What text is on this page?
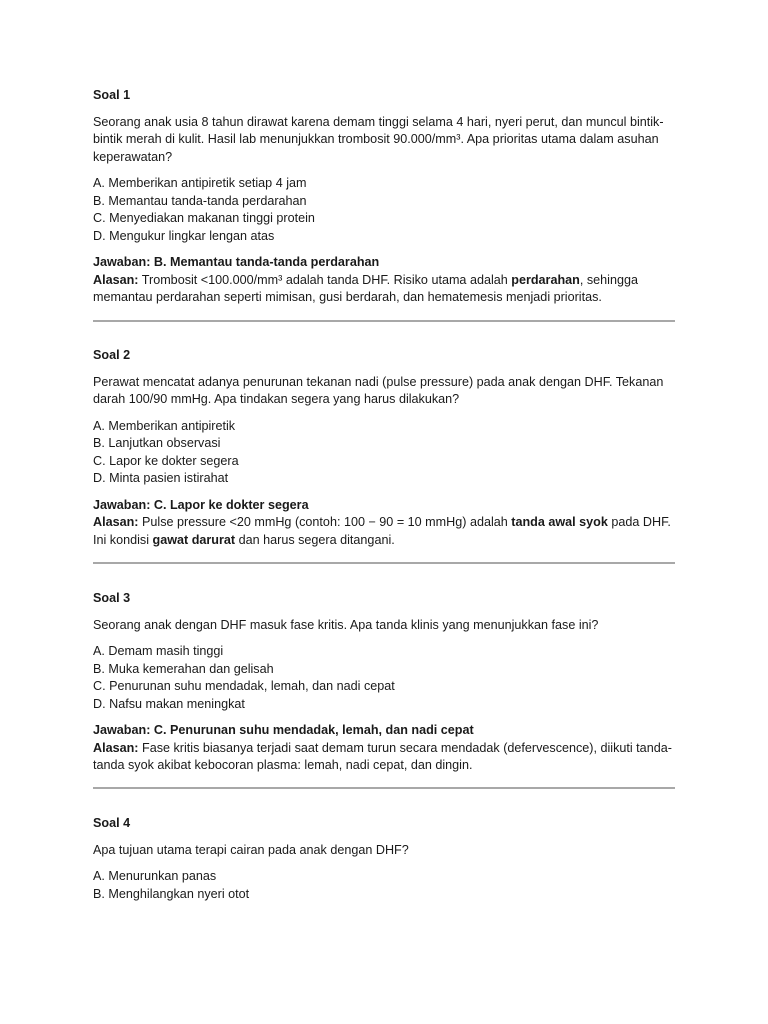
Soal 1

Seorang anak usia 8 tahun dirawat karena demam tinggi selama 4 hari, nyeri perut, dan muncul bintik-bintik merah di kulit. Hasil lab menunjukkan trombosit 90.000/mm³. Apa prioritas utama dalam asuhan keperawatan?

A. Memberikan antipiretik setiap 4 jam
B. Memantau tanda-tanda perdarahan
C. Menyediakan makanan tinggi protein
D. Mengukur lingkar lengan atas

Jawaban: B. Memantau tanda-tanda perdarahan

Alasan: Trombosit <100.000/mm³ adalah tanda DHF. Risiko utama adalah perdarahan, sehingga memantau perdarahan seperti mimisan, gusi berdarah, dan hematemesis menjadi prioritas.

Soal 2

Perawat mencatat adanya penurunan tekanan nadi (pulse pressure) pada anak dengan DHF. Tekanan darah 100/90 mmHg. Apa tindakan segera yang harus dilakukan?

A. Memberikan antipiretik
B. Lanjutkan observasi
C. Lapor ke dokter segera
D. Minta pasien istirahat

Jawaban: C. Lapor ke dokter segera

Alasan: Pulse pressure <20 mmHg (contoh: 100 − 90 = 10 mmHg) adalah tanda awal syok pada DHF. Ini kondisi gawat darurat dan harus segera ditangani.

Soal 3

Seorang anak dengan DHF masuk fase kritis. Apa tanda klinis yang menunjukkan fase ini?

A. Demam masih tinggi
B. Muka kemerahan dan gelisah
C. Penurunan suhu mendadak, lemah, dan nadi cepat
D. Nafsu makan meningkat

Jawaban: C. Penurunan suhu mendadak, lemah, dan nadi cepat

Alasan: Fase kritis biasanya terjadi saat demam turun secara mendadak (defervescence), diikuti tanda-tanda syok akibat kebocoran plasma: lemah, nadi cepat, dan dingin.

Soal 4

Apa tujuan utama terapi cairan pada anak dengan DHF?

A. Menurunkan panas
B. Menghilangkan nyeri otot
